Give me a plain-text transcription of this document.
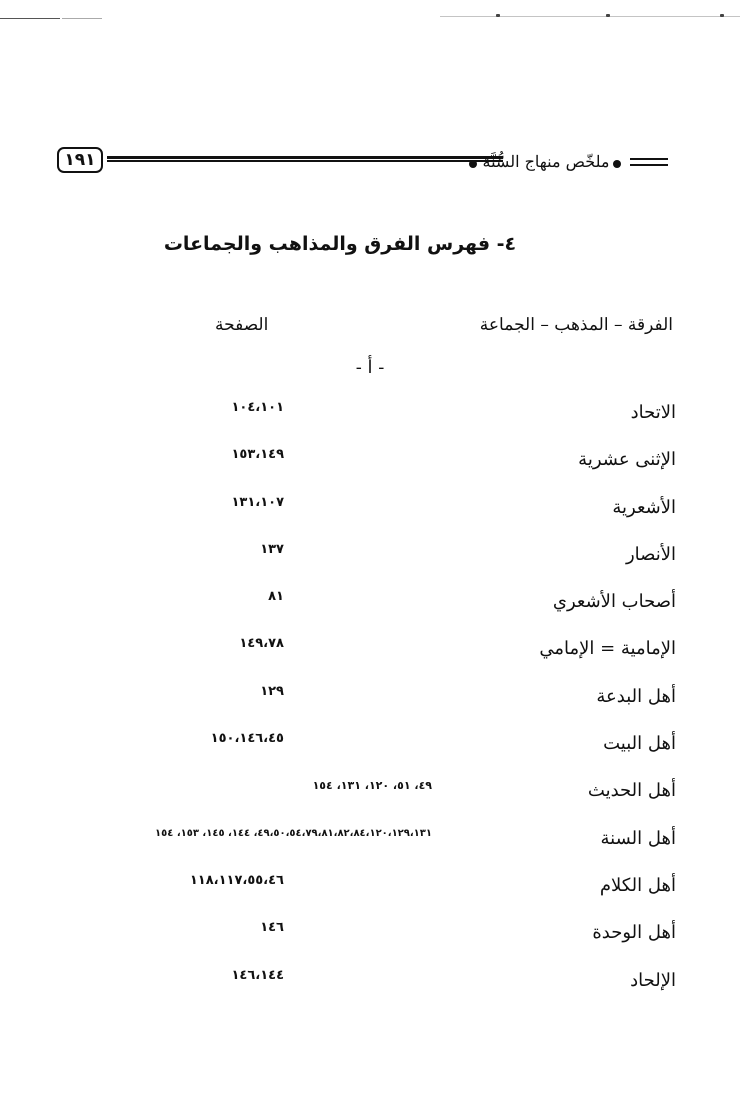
١٩١	ملخّص منهاج السُّنَّة
٤- فهرس الفرق والمذاهب والجماعات
الفرقة – المذهب – الجماعة
الصفحة
- أ -
الاتحاد
١٠٤،١٠١
الإثنى عشرية
١٥٣،١٤٩
الأشعرية
١٣١،١٠٧
الأنصار
١٣٧
أصحاب الأشعري
٨١
الإمامية = الإمامي
١٤٩،٧٨
أهل البدعة
١٢٩
أهل البيت
١٥٠،١٤٦،٤٥
أهل الحديث
٤٩، ٥١، ١٢٠، ١٣١، ١٥٤
أهل السنة
٤٩،٥٠،٥٤،٧٩،٨١،٨٢،٨٤،١٢٠،١٢٩،١٣١، ١٤٤، ١٤٥، ١٥٣، ١٥٤
أهل الكلام
١١٨،١١٧،٥٥،٤٦
أهل الوحدة
١٤٦
الإلحاد
١٤٦،١٤٤
